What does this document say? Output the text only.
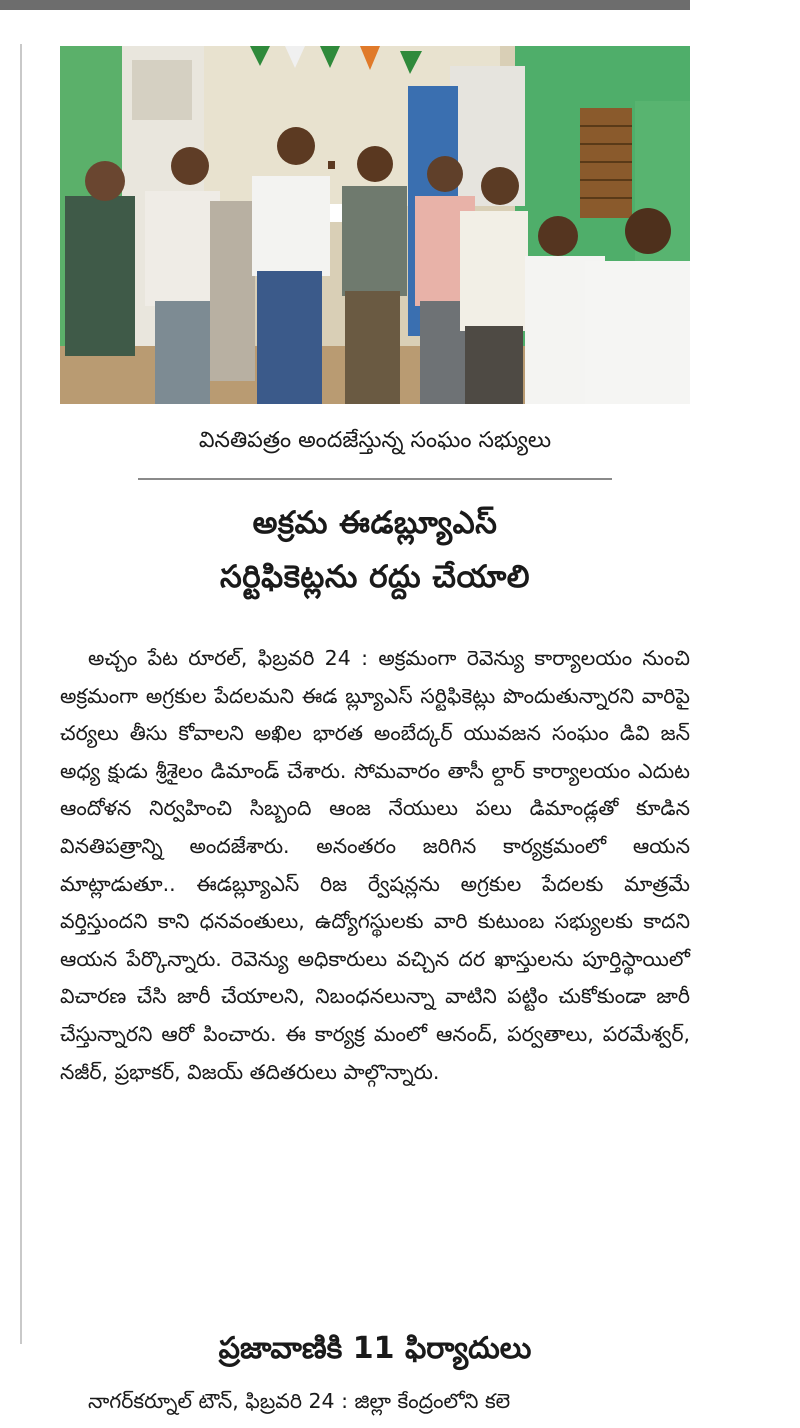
వినతిపత్రం అందజేస్తున్న సంఘం సభ్యులు
అక్రమ ఈడబ్ల్యూఎస్
సర్టిఫికెట్లను రద్దు చేయాలి

అచ్చం పేట రూరల్, ఫిబ్రవరి 24 : అక్రమంగా రెవెన్యు కార్యాలయం నుంచి అక్రమంగా అగ్రకుల పేదలమని ఈడ బ్ల్యూఎస్ సర్టిఫికెట్లు పొందుతున్నారని వారిపై చర్యలు తీసు కోవాలని అఖిల భారత అంబేద్కర్ యువజన సంఘం డివి జన్ అధ్య క్షుడు శ్రీశైలం డిమాండ్ చేశారు. సోమవారం తాసీ ల్దార్ కార్యాలయం ఎదుట ఆందోళన నిర్వహించి సిబ్బంది ఆంజ నేయులు పలు డిమాండ్లతో కూడిన వినతిపత్రాన్ని అందజేశారు. అనంతరం జరిగిన కార్యక్రమంలో ఆయన మాట్లాడుతూ.. ఈడబ్ల్యూఎస్ రిజ ర్వేషన్లను అగ్రకుల పేదలకు మాత్రమే వర్తిస్తుందని కాని ధనవంతులు, ఉద్యోగస్థులకు వారి కుటుంబ సభ్యులకు కాదని ఆయన పేర్కొన్నారు. రెవెన్యు అధికారులు వచ్చిన దర ఖాస్తులను పూర్తిస్థాయిలో విచారణ చేసి జారీ చేయాలని, నిబంధనలున్నా వాటిని పట్టిం చుకోకుండా జారీ చేస్తున్నారని ఆరో పించారు. ఈ కార్యక్ర మంలో ఆనంద్, పర్వతాలు, పరమేశ్వర్, నజీర్, ప్రభాకర్, విజయ్ తదితరులు పాల్గొన్నారు.

ప్రజావాణికి 11 ఫిర్యాదులు
నాగర్‌కర్నూల్ టౌన్, ఫిబ్రవరి 24 : జిల్లా కేంద్రంలోని కలె
